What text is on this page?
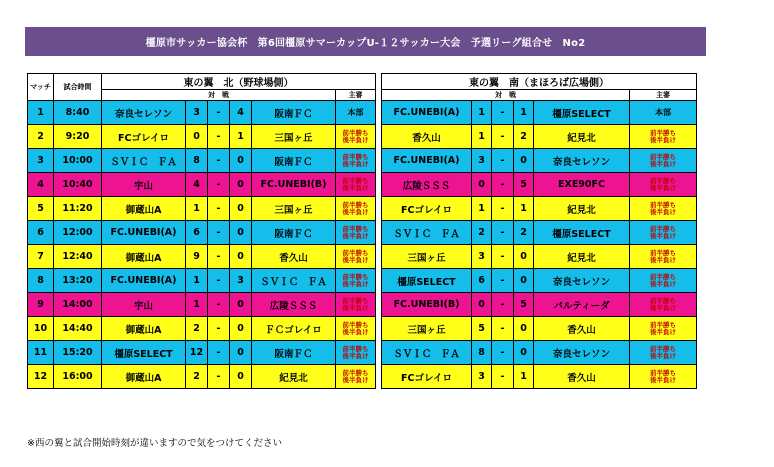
橿原市サッカー協会杯　第6回橿原サマーカップU-１２サッカー大会　予選リーグ組合せ　No2
マッチ	試合時間	東の翼　北（野球場側）							東の翼　南（まほろば広場側）					
		対　戦					主審		対　戦					主審
1	8:40	奈良セレソン	3	-	4	阪南ＦＣ	本部		FC.UNEBI(A)	1	-	1	橿原SELECT	本部
2	9:20	FCゴレイロ	0	-	1	三国ヶ丘	前半勝ち
後半負け		香久山	1	-	2	紀見北	前半勝ち
後半負け
3	10:00	ＳＶＩＣ　ＦＡ	8	-	0	阪南ＦＣ	前半勝ち
後半負け		FC.UNEBI(A)	3	-	0	奈良セレソン	前半勝ち
後半負け
4	10:40	宇山	4	-	0	FC.UNEBI(B)	前半勝ち
後半負け		広陵ＳＳＳ	0	-	5	EXE90FC	前半勝ち
後半負け
5	11:20	御蔵山A	1	-	0	三国ヶ丘	前半勝ち
後半負け		FCゴレイロ	1	-	1	紀見北	前半勝ち
後半負け
6	12:00	FC.UNEBI(A)	6	-	0	阪南ＦＣ	前半勝ち
後半負け		ＳＶＩＣ　ＦＡ	2	-	2	橿原SELECT	前半勝ち
後半負け
7	12:40	御蔵山A	9	-	0	香久山	前半勝ち
後半負け		三国ヶ丘	3	-	0	紀見北	前半勝ち
後半負け
8	13:20	FC.UNEBI(A)	1	-	3	ＳＶＩＣ　ＦＡ	前半勝ち
後半負け		橿原SELECT	6	-	0	奈良セレソン	前半勝ち
後半負け
9	14:00	宇山	1	-	0	広陵ＳＳＳ	前半勝ち
後半負け		FC.UNEBI(B)	0	-	5	パルティーダ	前半勝ち
後半負け
10	14:40	御蔵山A	2	-	0	ＦＣゴレイロ	前半勝ち
後半負け		三国ヶ丘	5	-	0	香久山	前半勝ち
後半負け
11	15:20	橿原SELECT	12	-	0	阪南ＦＣ	前半勝ち
後半負け		ＳＶＩＣ　ＦＡ	8	-	0	奈良セレソン	前半勝ち
後半負け
12	16:00	御蔵山A	2	-	0	紀見北	前半勝ち
後半負け		FCゴレイロ	3	-	1	香久山	前半勝ち
後半負け
※西の翼と試合開始時刻が違いますので気をつけてください
